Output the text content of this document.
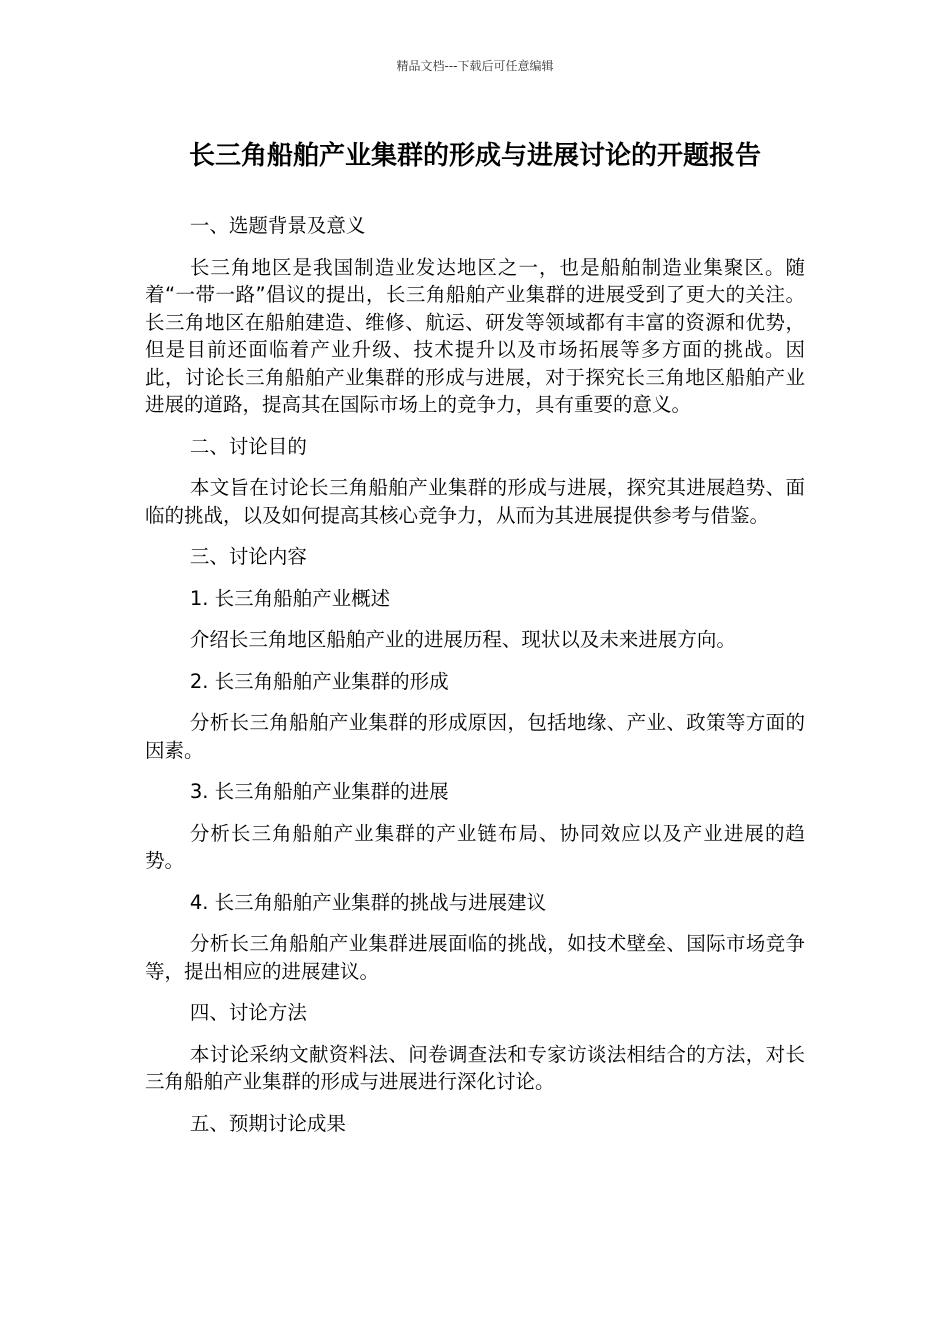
精品文档---下载后可任意编辑
长三角船舶产业集群的形成与进展讨论的开题报告

一、选题背景及意义

长三角地区是我国制造业发达地区之一，也是船舶制造业集聚区。随着“一带一路”倡议的提出，长三角船舶产业集群的进展受到了更大的关注。长三角地区在船舶建造、维修、航运、研发等领域都有丰富的资源和优势，但是目前还面临着产业升级、技术提升以及市场拓展等多方面的挑战。因此，讨论长三角船舶产业集群的形成与进展，对于探究长三角地区船舶产业进展的道路，提高其在国际市场上的竞争力，具有重要的意义。

二、讨论目的

本文旨在讨论长三角船舶产业集群的形成与进展，探究其进展趋势、面临的挑战，以及如何提高其核心竞争力，从而为其进展提供参考与借鉴。

三、讨论内容

1. 长三角船舶产业概述

介绍长三角地区船舶产业的进展历程、现状以及未来进展方向。

2. 长三角船舶产业集群的形成

分析长三角船舶产业集群的形成原因，包括地缘、产业、政策等方面的因素。

3. 长三角船舶产业集群的进展

分析长三角船舶产业集群的产业链布局、协同效应以及产业进展的趋势。

4. 长三角船舶产业集群的挑战与进展建议

分析长三角船舶产业集群进展面临的挑战，如技术壁垒、国际市场竞争等，提出相应的进展建议。

四、讨论方法

本讨论采纳文献资料法、问卷调查法和专家访谈法相结合的方法，对长三角船舶产业集群的形成与进展进行深化讨论。

五、预期讨论成果
